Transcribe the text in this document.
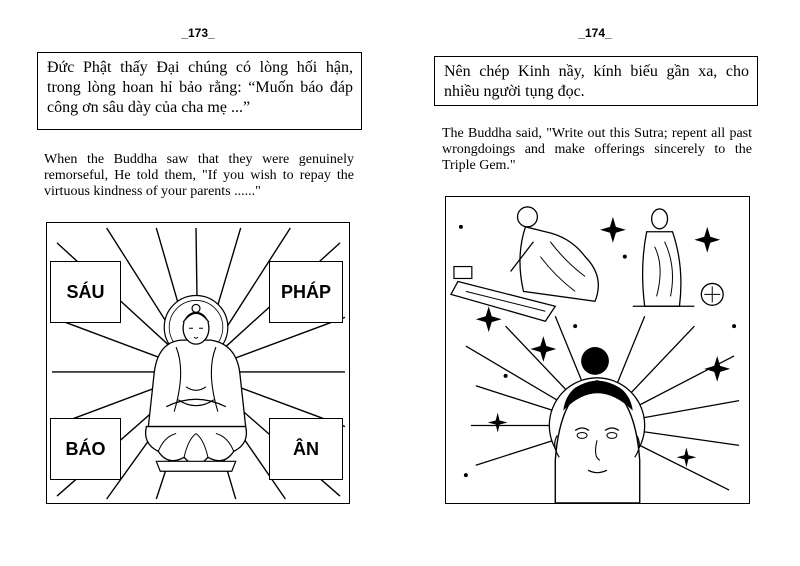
_173_
Đức Phật thấy Đại chúng có lòng hối hận, trong lòng hoan hỉ bảo rằng: “Muốn báo đáp công ơn sâu dày của cha mẹ ...”
When the Buddha saw that they were genuinely remorseful, He told them, "If you wish to repay the virtuous kindness of your parents ......"
SÁU	PHÁP
BÁO	ÂN
_174_
Nên chép Kinh nầy, kính biếu gần xa, cho nhiều người tụng đọc.
The Buddha said, "Write out this Sutra; repent all past wrongdoings and make offerings sincerely to the Triple Gem."
